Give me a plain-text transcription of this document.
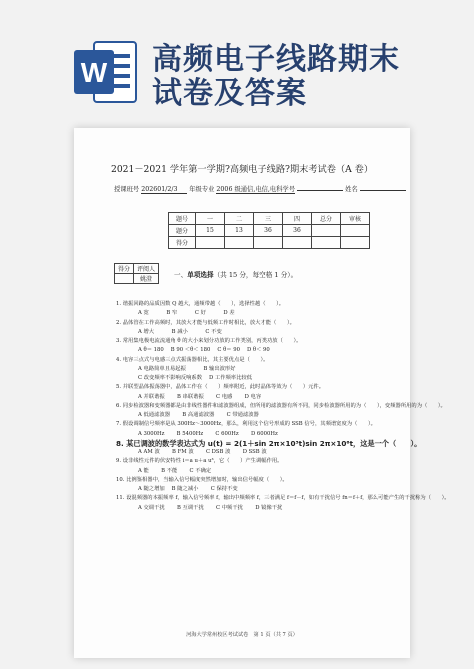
W 高频电子线路期末
试卷及答案
2021－2021 学年第一学期?高频电子线路?期末考试卷（A 卷）
授课班号 202601/2/3 年级专业 2006 级通信,电信,电科学号	姓名
题号	一	二	三	四	总分	审核
题分	15	13	36	36		
得分						
得分	评阅人
	姚澄
一、单项选择（共 15 分，每空格 1 分）。
1. 谐振回路的品质因数 Q 越大，通频带越（　　），选择性越（　　）。
A 宽　　　 B 窄　　　 C 好　　　 D 差
2. 晶体管在工作高频时，其放大才能与低频工作时相比，放大才能（　　）。
A 增大　　　 B 减小　　　 C 不变
3. 常用集电极电流流通角 θ 的大小来划分功放的工作类别，丙类功放（　　）。
A θ＝ 180　 B 90 ＜θ＜ 180　 C θ＝ 90　 D θ＜ 90
4. 电容三点式与电感三点式振荡器相比，其主要优点是（　　）。
A 电路简单且易起振　　　 B 输出波形好
C 改变频率不影响反响系数　 D 工作频率比较低
5. 并联型晶体振荡器中，晶体工作在（　　）频率附近，此时晶体等效为（　　）元件。
A 并联谐振　　 B 串联谐振　　 C 电感　　 D 电容
6. 同步检波器和变频器都是由非线性器件和滤波器组成，但所用的滤波器有所不同，同步检波器所用的为（　　），变频器所用的为（　　）。
A 低通滤波器　　 B 高通滤波器　　 C 带通滤波器
7. 假设调制信号频率是从 300Hz～3000Hz，那么，利用这个信号形成的 SSB 信号，其频谱宽度为（　　）。
A 3000Hz　　 B 5400Hz　　 C 600Hz　　 D 6000Hz
8. 某已调波的数学表达式为 u(t) = 2(1＋sin 2π×10³t)sin 2π×10⁶t，这是一个（　　）。
A AM 波　　 B FM 波　　 C DSB 波　　 D SSB 波
9. 设非线性元件的伏安特性 i＝a u＋a u³，它（　　）产生调幅作用。
A 能　　 B 不能　　 C 不确定
10. 比例鉴相器中，当输入信号幅度突然增加时，输出信号幅度（　　）。
A 随之增加　 B 随之减小　　 C 保持不变
11. 设混频器的本振频率 f，输入信号频率 f，输出中频频率 f，三者满足 f＝f－f，如有干扰信号 fn＝f＋f，那么可能产生的干扰称为（　　）。
A 交调干扰　　 B 互调干扰　　 C 中频干扰　　 D 镜像干扰
河海大学常州校区考试试卷　第 1 页（共 7 页）
